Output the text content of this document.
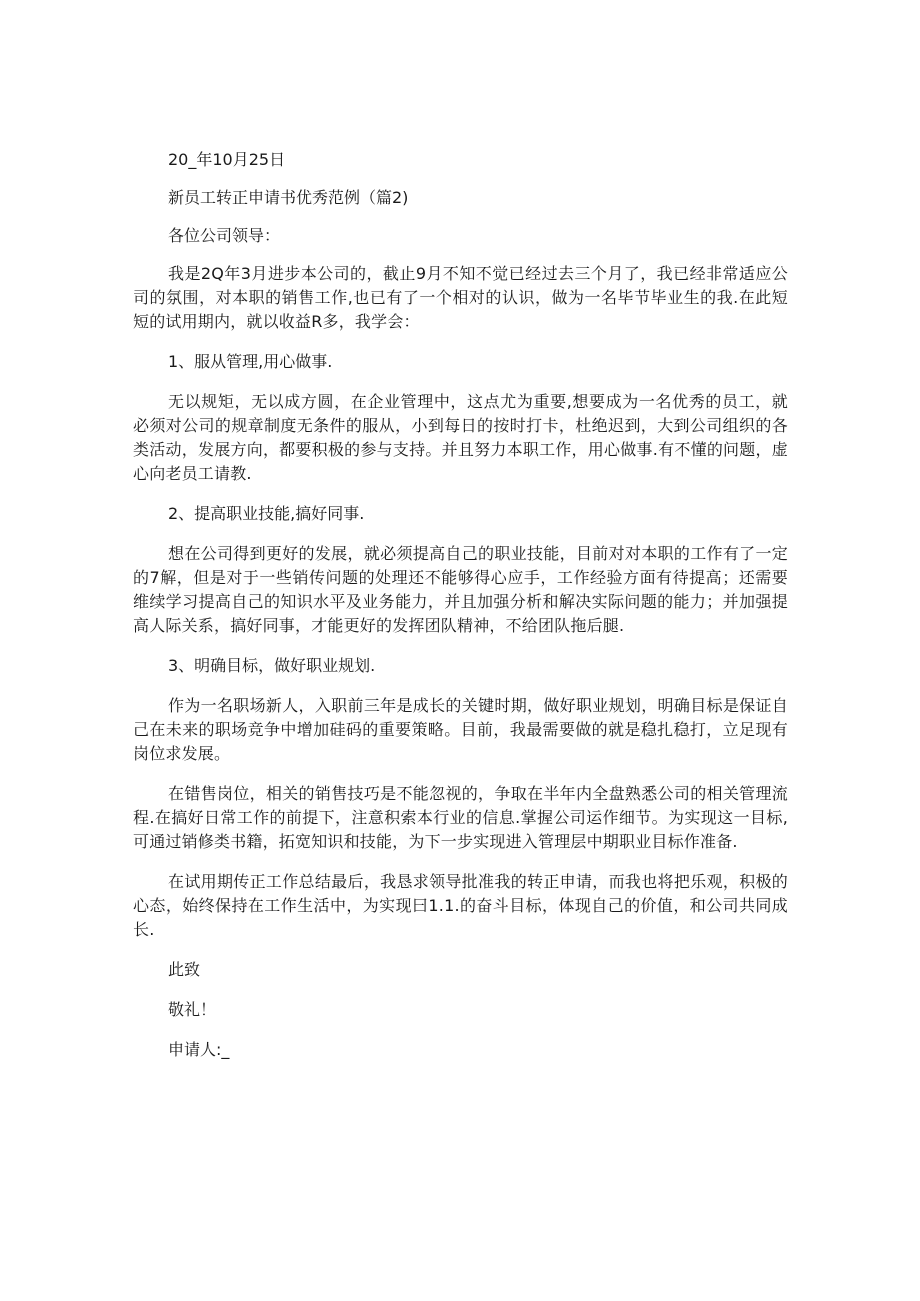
20_年10月25日
新员工转正申请书优秀范例（篇2)
各位公司领导：

我是2Q年3月进步本公司的，截止9月不知不觉已经过去三个月了，我已经非常适应公司的氛围，对本职的销售工作,也已有了一个相对的认识，做为一名毕节毕业生的我.在此短短的试用期内，就以收益R多，我学会：

1、服从管理,用心做事.

无以规矩，无以成方圆，在企业管理中，这点尤为重要,想要成为一名优秀的员工，就必须对公司的规章制度无条件的服从，小到每日的按时打卡，杜绝迟到，大到公司组织的各类活动，发展方向，都要积极的参与支持。并且努力本职工作，用心做事.有不懂的问题，虚心向老员工请教.

2、提高职业技能,搞好同事.

想在公司得到更好的发展，就必须提高自己的职业技能，目前对对本职的工作有了一定的7解，但是对于一些销传问题的处理还不能够得心应手，工作经验方面有待提高；还需要维续学习提高自己的知识水平及业务能力，并且加强分析和解决实际问题的能力；并加强提高人际关系，搞好同事，才能更好的发挥团队精神，不给团队拖后腿.

3、明确目标，做好职业规划.

作为一名职场新人，入职前三年是成长的关键时期，做好职业规划，明确目标是保证自己在未来的职场竞争中增加硅码的重要策略。目前，我最需要做的就是稳扎稳打，立足现有岗位求发展。

在错售岗位，相关的销售技巧是不能忽视的，争取在半年内全盘熟悉公司的相关管理流程.在搞好日常工作的前提下，注意积索本行业的信息.掌握公司运作细节。为实现这一目标,可通过销修类书籍，拓宽知识和技能，为下一步实现进入管理层中期职业目标作准备.

在试用期传正工作总结最后，我恳求领导批准我的转正申请，而我也将把乐观，积极的心态，始终保持在工作生活中，为实现曰1.1.的奋斗目标，体现自己的价值，和公司共同成长.

此致
敬礼！
申请人:_
